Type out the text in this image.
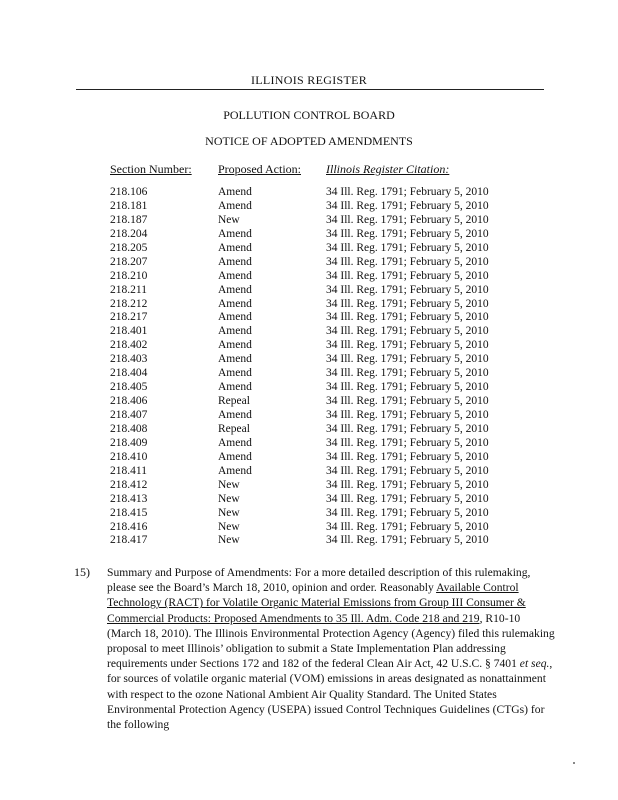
ILLINOIS REGISTER
POLLUTION CONTROL BOARD
NOTICE OF ADOPTED AMENDMENTS
Section Number: Proposed Action: Illinois Register Citation:
218.106	Amend	34 Ill. Reg. 1791; February 5, 2010
218.181	Amend	34 Ill. Reg. 1791; February 5, 2010
218.187	New	34 Ill. Reg. 1791; February 5, 2010
218.204	Amend	34 Ill. Reg. 1791; February 5, 2010
218.205	Amend	34 Ill. Reg. 1791; February 5, 2010
218.207	Amend	34 Ill. Reg. 1791; February 5, 2010
218.210	Amend	34 Ill. Reg. 1791; February 5, 2010
218.211	Amend	34 Ill. Reg. 1791; February 5, 2010
218.212	Amend	34 Ill. Reg. 1791; February 5, 2010
218.217	Amend	34 Ill. Reg. 1791; February 5, 2010
218.401	Amend	34 Ill. Reg. 1791; February 5, 2010
218.402	Amend	34 Ill. Reg. 1791; February 5, 2010
218.403	Amend	34 Ill. Reg. 1791; February 5, 2010
218.404	Amend	34 Ill. Reg. 1791; February 5, 2010
218.405	Amend	34 Ill. Reg. 1791; February 5, 2010
218.406	Repeal	34 Ill. Reg. 1791; February 5, 2010
218.407	Amend	34 Ill. Reg. 1791; February 5, 2010
218.408	Repeal	34 Ill. Reg. 1791; February 5, 2010
218.409	Amend	34 Ill. Reg. 1791; February 5, 2010
218.410	Amend	34 Ill. Reg. 1791; February 5, 2010
218.411	Amend	34 Ill. Reg. 1791; February 5, 2010
218.412	New	34 Ill. Reg. 1791; February 5, 2010
218.413	New	34 Ill. Reg. 1791; February 5, 2010
218.415	New	34 Ill. Reg. 1791; February 5, 2010
218.416	New	34 Ill. Reg. 1791; February 5, 2010
218.417	New	34 Ill. Reg. 1791; February 5, 2010
15) Summary and Purpose of Amendments: For a more detailed description of this rulemaking, please see the Board’s March 18, 2010, opinion and order. Reasonably Available Control Technology (RACT) for Volatile Organic Material Emissions from Group III Consumer & Commercial Products: Proposed Amendments to 35 Ill. Adm. Code 218 and 219, R10-10 (March 18, 2010). The Illinois Environmental Protection Agency (Agency) filed this rulemaking proposal to meet Illinois’ obligation to submit a State Implementation Plan addressing requirements under Sections 172 and 182 of the federal Clean Air Act, 42 U.S.C. § 7401 et seq., for sources of volatile organic material (VOM) emissions in areas designated as nonattainment with respect to the ozone National Ambient Air Quality Standard. The United States Environmental Protection Agency (USEPA) issued Control Techniques Guidelines (CTGs) for the following
